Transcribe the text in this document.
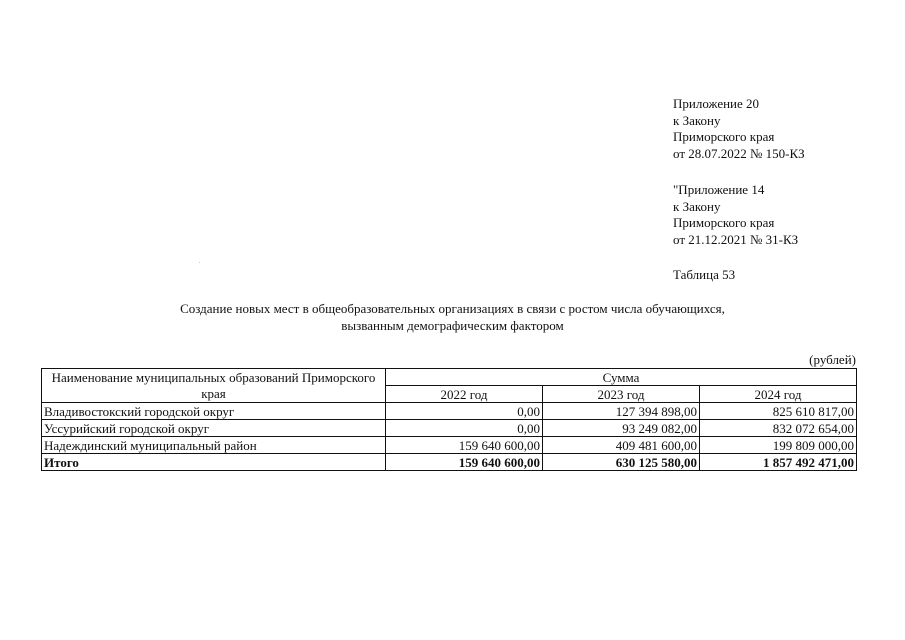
Приложение 20
к Закону
Приморского края
от 28.07.2022 № 150-КЗ
"Приложение 14
к Закону
Приморского края
от 21.12.2021 № 31-КЗ
Таблица 53
Создание новых мест в общеобразовательных организациях в связи с ростом числа обучающихся,
вызванным демографическим фактором
(рублей)
Наименование муниципальных образований Приморского края	Сумма		
	2022 год	2023 год	2024 год
Владивостокский городской округ	0,00	127 394 898,00	825 610 817,00
Уссурийский городской округ	0,00	93 249 082,00	832 072 654,00
Надеждинский муниципальный район	159 640 600,00	409 481 600,00	199 809 000,00
Итого	159 640 600,00	630 125 580,00	1 857 492 471,00
